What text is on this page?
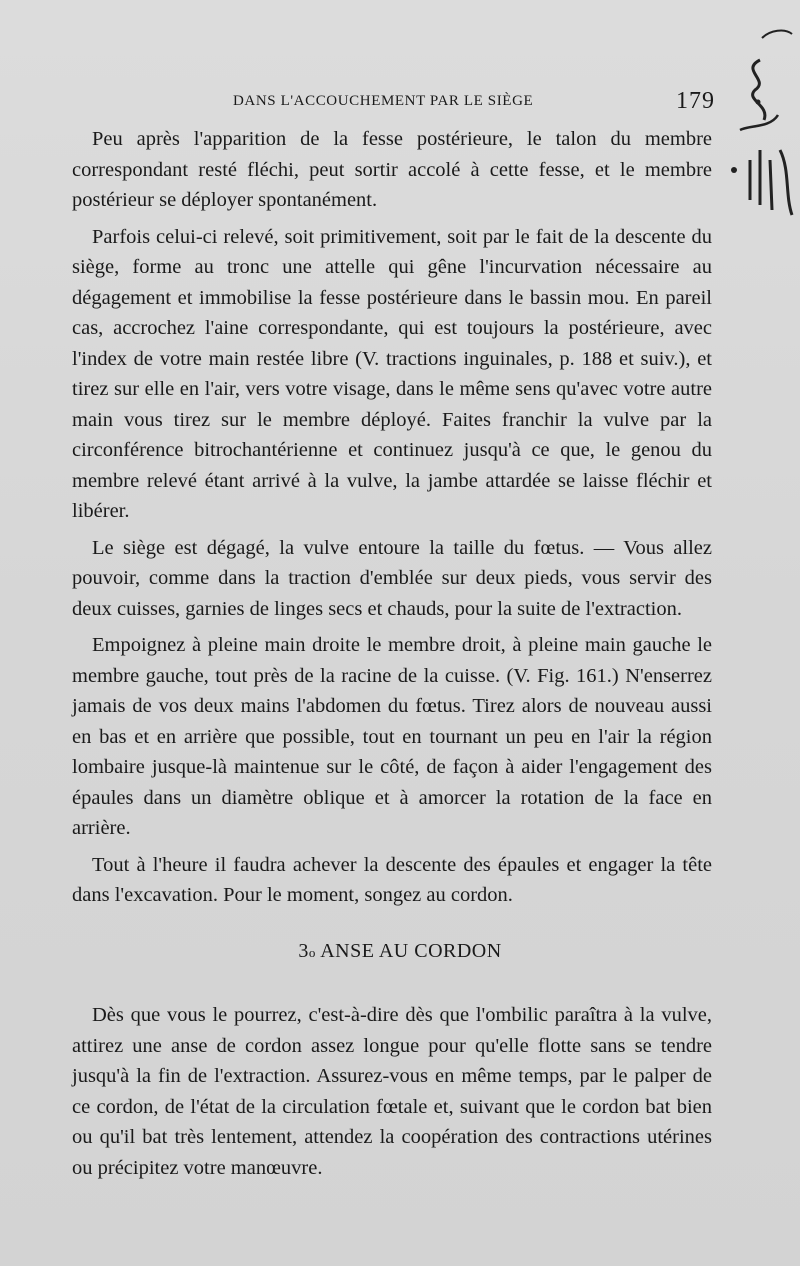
DANS L'ACCOUCHEMENT PAR LE SIÈGE	179

Peu après l'apparition de la fesse postérieure, le talon du membre correspondant resté fléchi, peut sortir accolé à cette fesse, et le membre postérieur se déployer spontanément.

Parfois celui-ci relevé, soit primitivement, soit par le fait de la descente du siège, forme au tronc une attelle qui gêne l'incurvation nécessaire au dégagement et immobilise la fesse postérieure dans le bassin mou. En pareil cas, accrochez l'aine correspondante, qui est toujours la postérieure, avec l'index de votre main restée libre (V. tractions inguinales, p. 188 et suiv.), et tirez sur elle en l'air, vers votre visage, dans le même sens qu'avec votre autre main vous tirez sur le membre déployé. Faites franchir la vulve par la circonférence bitrochantérienne et continuez jusqu'à ce que, le genou du membre relevé étant arrivé à la vulve, la jambe attardée se laisse fléchir et libérer.

Le siège est dégagé, la vulve entoure la taille du fœtus. — Vous allez pouvoir, comme dans la traction d'emblée sur deux pieds, vous servir des deux cuisses, garnies de linges secs et chauds, pour la suite de l'extraction.

Empoignez à pleine main droite le membre droit, à pleine main gauche le membre gauche, tout près de la racine de la cuisse. (V. Fig. 161.) N'enserrez jamais de vos deux mains l'abdomen du fœtus. Tirez alors de nouveau aussi en bas et en arrière que possible, tout en tournant un peu en l'air la région lombaire jusque-là maintenue sur le côté, de façon à aider l'engagement des épaules dans un diamètre oblique et à amorcer la rotation de la face en arrière.

Tout à l'heure il faudra achever la descente des épaules et engager la tête dans l'excavation. Pour le moment, songez au cordon.

3o ANSE AU CORDON

Dès que vous le pourrez, c'est-à-dire dès que l'ombilic paraîtra à la vulve, attirez une anse de cordon assez longue pour qu'elle flotte sans se tendre jusqu'à la fin de l'extraction. Assurez-vous en même temps, par le palper de ce cordon, de l'état de la circulation fœtale et, suivant que le cordon bat bien ou qu'il bat très lentement, attendez la coopération des contractions utérines ou précipitez votre manœuvre.
